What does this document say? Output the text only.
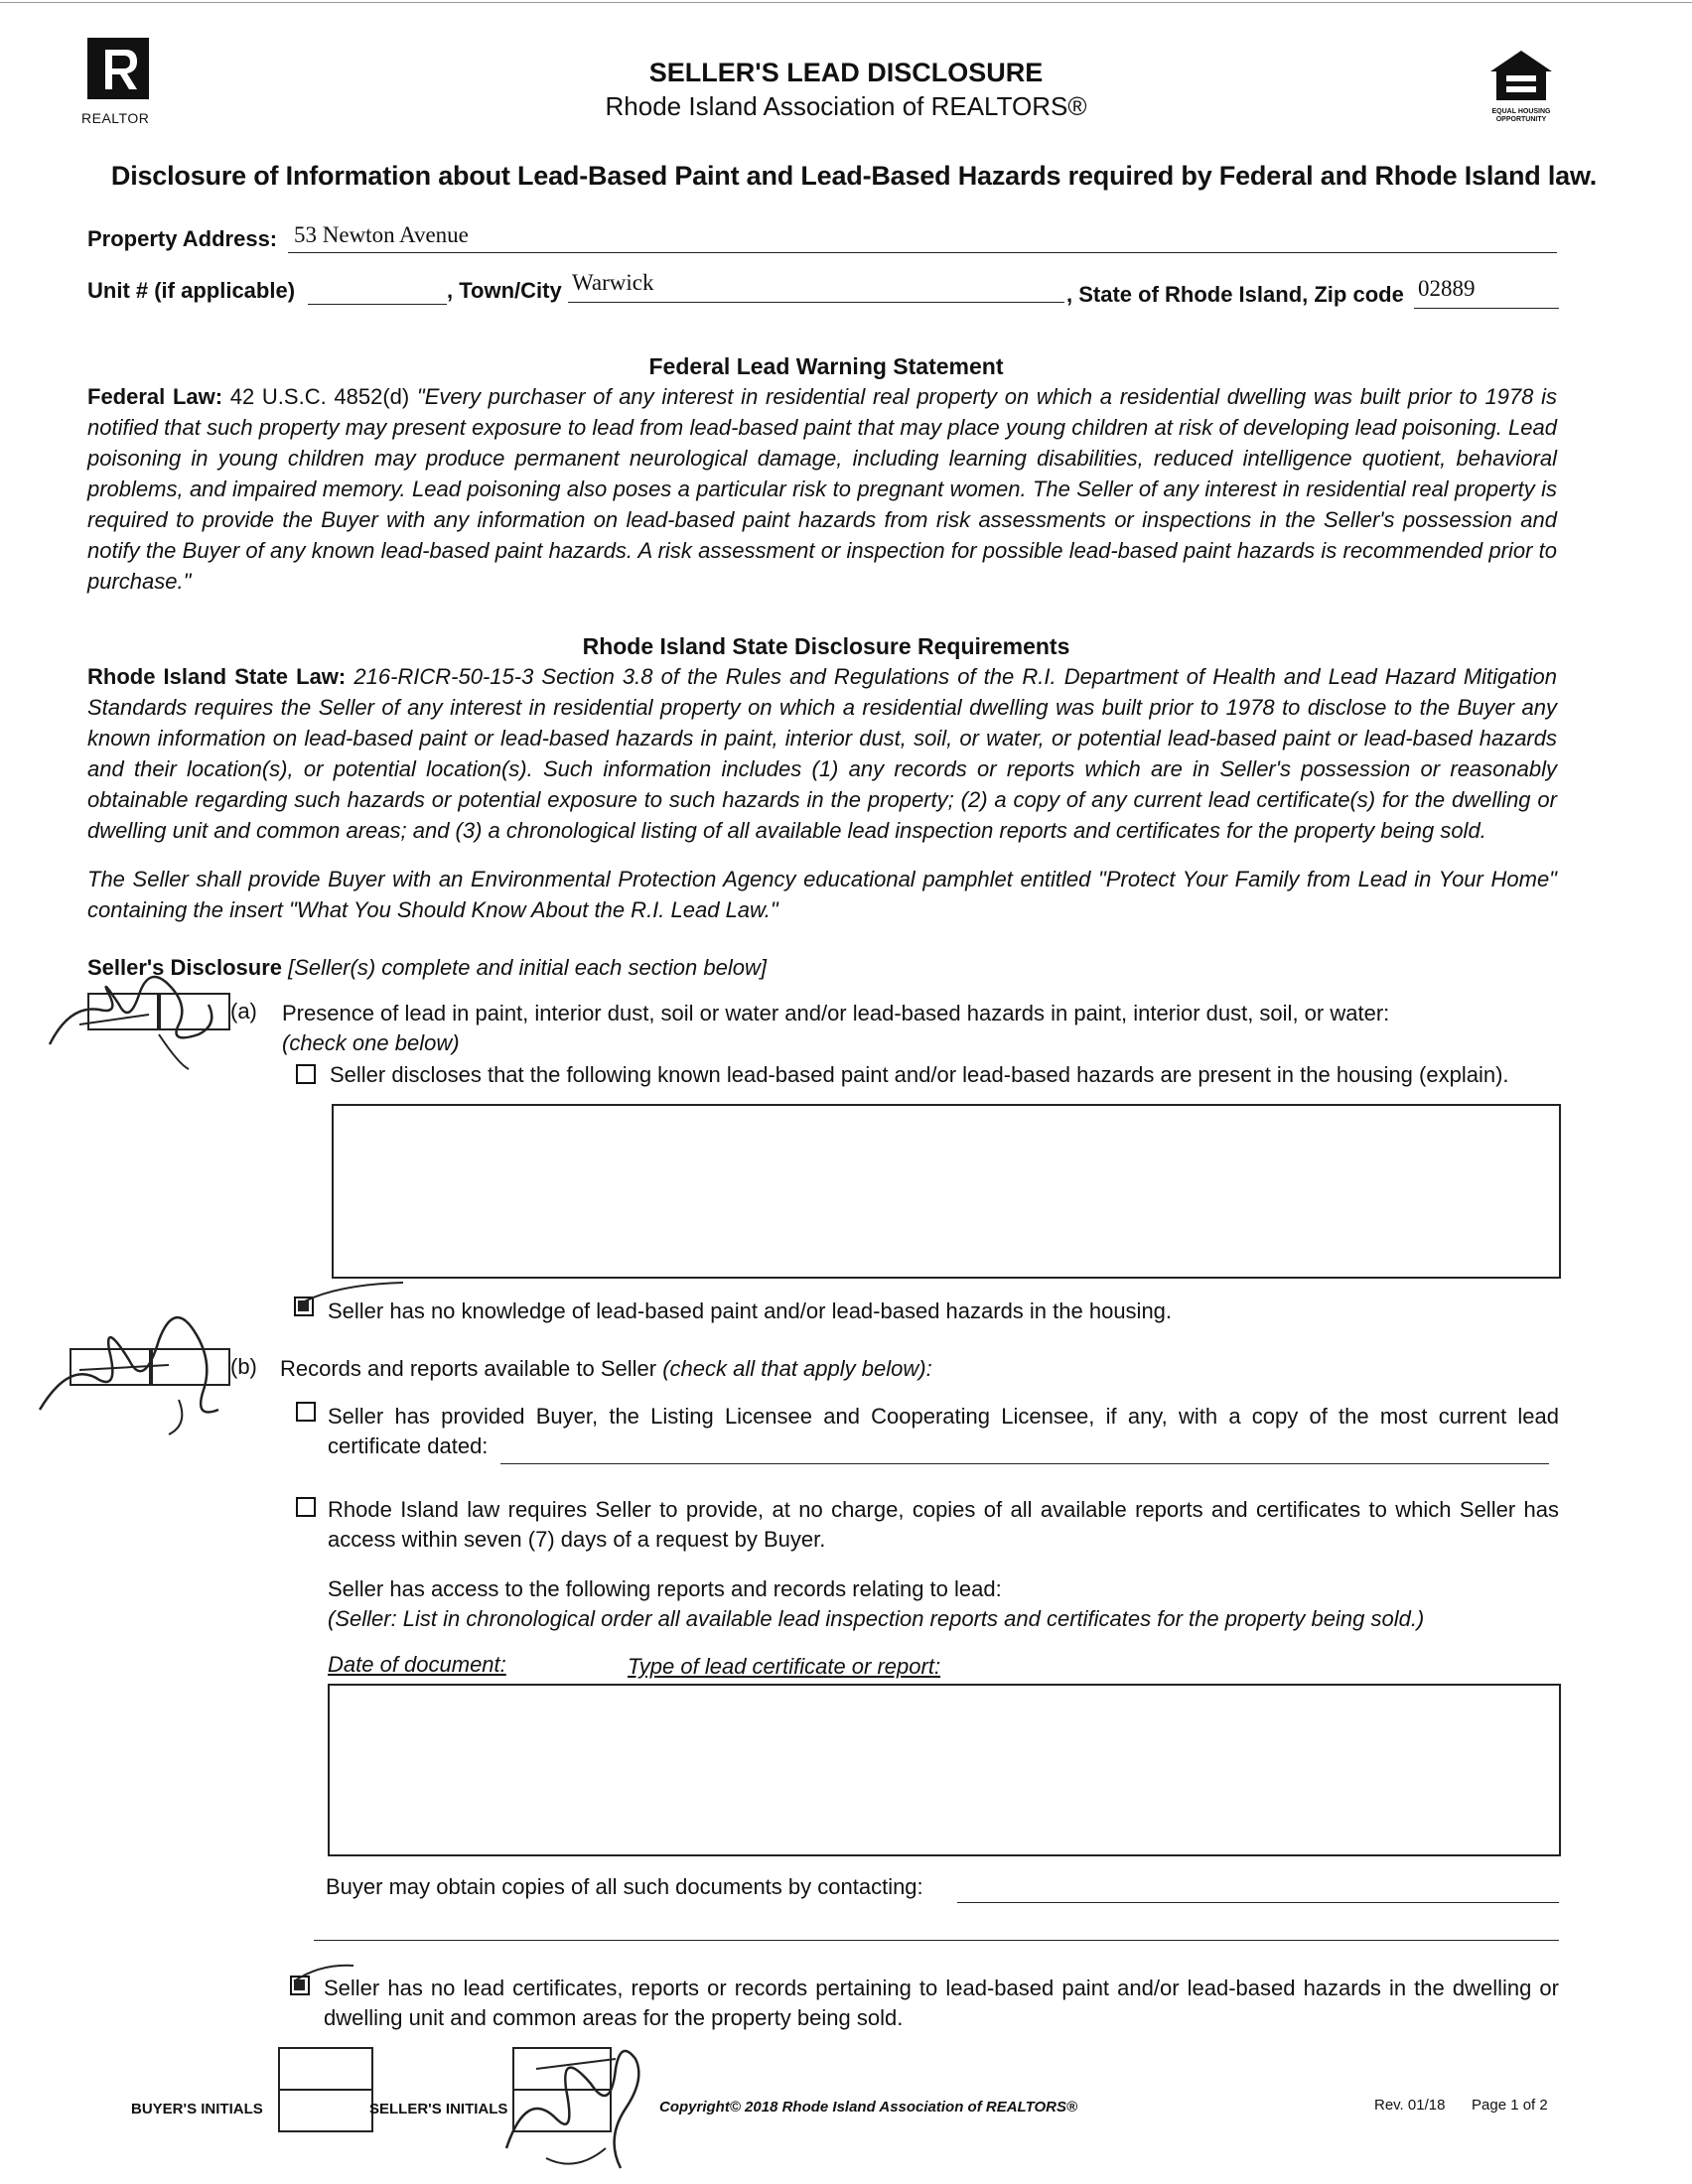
REALTOR
SELLER'S LEAD DISCLOSURE
Rhode Island Association of REALTORS®	EQUAL HOUSING OPPORTUNITY
Disclosure of Information about Lead-Based Paint and Lead-Based Hazards required by Federal and Rhode Island law.
Property Address: 53 Newton Avenue
Unit # (if applicable)	, Town/City Warwick	, State of Rhode Island, Zip code 02889
Federal Lead Warning Statement
Federal Law: 42 U.S.C. 4852(d) "Every purchaser of any interest in residential real property on which a residential dwelling was built prior to 1978 is notified that such property may present exposure to lead from lead-based paint that may place young children at risk of developing lead poisoning. Lead poisoning in young children may produce permanent neurological damage, including learning disabilities, reduced intelligence quotient, behavioral problems, and impaired memory. Lead poisoning also poses a particular risk to pregnant women. The Seller of any interest in residential real property is required to provide the Buyer with any information on lead-based paint hazards from risk assessments or inspections in the Seller's possession and notify the Buyer of any known lead-based paint hazards. A risk assessment or inspection for possible lead-based paint hazards is recommended prior to purchase."
Rhode Island State Disclosure Requirements
Rhode Island State Law: 216-RICR-50-15-3 Section 3.8 of the Rules and Regulations of the R.I. Department of Health and Lead Hazard Mitigation Standards requires the Seller of any interest in residential property on which a residential dwelling was built prior to 1978 to disclose to the Buyer any known information on lead-based paint or lead-based hazards in paint, interior dust, soil, or water, or potential lead-based paint or lead-based hazards and their location(s), or potential location(s). Such information includes (1) any records or reports which are in Seller's possession or reasonably obtainable regarding such hazards or potential exposure to such hazards in the property; (2) a copy of any current lead certificate(s) for the dwelling or dwelling unit and common areas; and (3) a chronological listing of all available lead inspection reports and certificates for the property being sold.
The Seller shall provide Buyer with an Environmental Protection Agency educational pamphlet entitled "Protect Your Family from Lead in Your Home" containing the insert "What You Should Know About the R.I. Lead Law."
Seller's Disclosure [Seller(s) complete and initial each section below]
(a) Presence of lead in paint, interior dust, soil or water and/or lead-based hazards in paint, interior dust, soil, or water:
(check one below)
Seller discloses that the following known lead-based paint and/or lead-based hazards are present in the housing (explain).
Seller has no knowledge of lead-based paint and/or lead-based hazards in the housing.
(b) Records and reports available to Seller (check all that apply below):
Seller has provided Buyer, the Listing Licensee and Cooperating Licensee, if any, with a copy of the most current lead certificate dated:
Rhode Island law requires Seller to provide, at no charge, copies of all available reports and certificates to which Seller has access within seven (7) days of a request by Buyer.
Seller has access to the following reports and records relating to lead:
(Seller: List in chronological order all available lead inspection reports and certificates for the property being sold.)
Date of document:	Type of lead certificate or report:
Buyer may obtain copies of all such documents by contacting:
Seller has no lead certificates, reports or records pertaining to lead-based paint and/or lead-based hazards in the dwelling or dwelling unit and common areas for the property being sold.
BUYER'S INITIALS	SELLER'S INITIALS	Copyright© 2018 Rhode Island Association of REALTORS®	Rev. 01/18 Page 1 of 2
